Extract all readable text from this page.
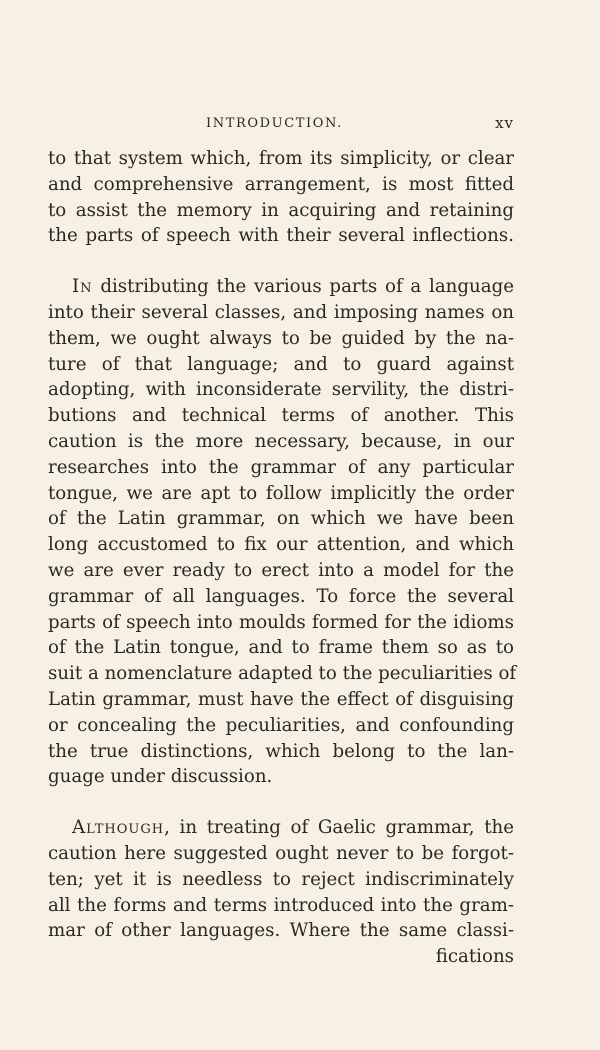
INTRODUCTION.	xv
to that system which, from its simplicity, or clear
and comprehensive arrangement, is most fitted
to assist the memory in acquiring and retaining
the parts of speech with their several inflections.
In distributing the various parts of a language
into their several classes, and imposing names on
them, we ought always to be guided by the na-
ture of that language; and to guard against
adopting, with inconsiderate servility, the distri-
butions and technical terms of another. This
caution is the more necessary, because, in our
researches into the grammar of any particular
tongue, we are apt to follow implicitly the order
of the Latin grammar, on which we have been
long accustomed to fix our attention, and which
we are ever ready to erect into a model for the
grammar of all languages. To force the several
parts of speech into moulds formed for the idioms
of the Latin tongue, and to frame them so as to
suit a nomenclature adapted to the peculiarities of
Latin grammar, must have the effect of disguising
or concealing the peculiarities, and confounding
the true distinctions, which belong to the lan-
guage under discussion.
Although, in treating of Gaelic grammar, the
caution here suggested ought never to be forgot-
ten; yet it is needless to reject indiscriminately
all the forms and terms introduced into the gram-
mar of other languages. Where the same classi-
fications
